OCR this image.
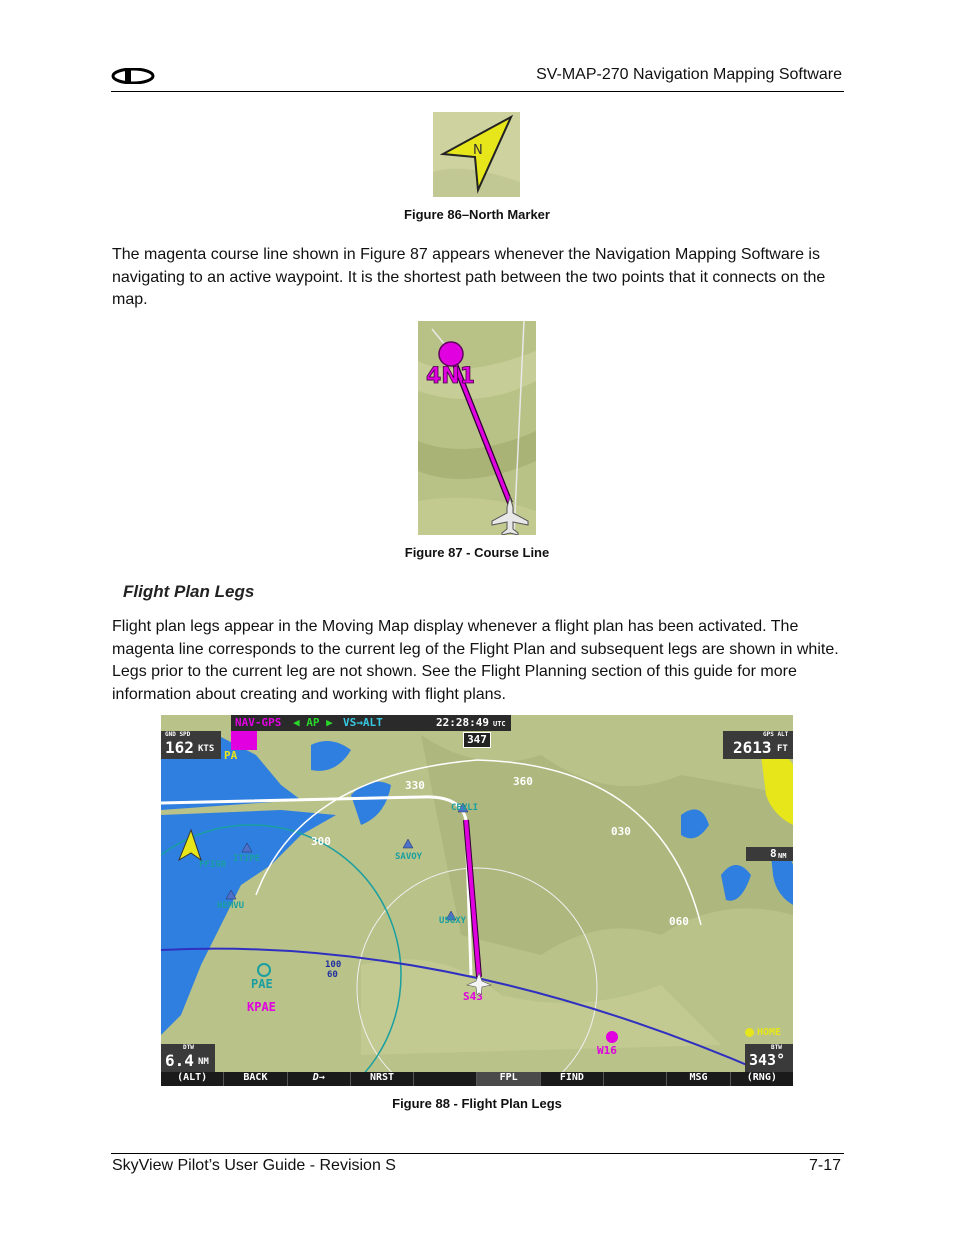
SV-MAP-270 Navigation Mapping Software
N
Figure 86–North Marker
The magenta course line shown in Figure 87 appears whenever the Navigation Mapping Software is navigating to an active waypoint. It is the shortest path between the two points that it connects on the map.
4N1
Figure 87 - Course Line
Flight Plan Legs
Flight plan legs appear in the Moving Map display whenever a flight plan has been activated. The magenta line corresponds to the current leg of the Flight Plan and subsequent legs are shown in white. Legs prior to the current leg are not shown. See the Flight Planning section of this guide for more information about creating and working with flight plans.
FFIGR
ITIPE
HEMVU
SAVOY
CEVLI
USUXY
330	360
300
030
060
100
60
PAE
KPAE
S43
W16
PA
NAV-GPS ◀ AP ▶ VS→ALT	22:28:49 UTC
347
GND SPD
162 KTS
GPS ALT
2613 FT
8 NM
DTW
6.4 NM
HOME
BTW
343°
(ALT)	BACK	D→	NRST	FPL	FIND	MSG	(RNG)
Figure 88 - Flight Plan Legs
SkyView Pilot’s User Guide - Revision S	7-17
